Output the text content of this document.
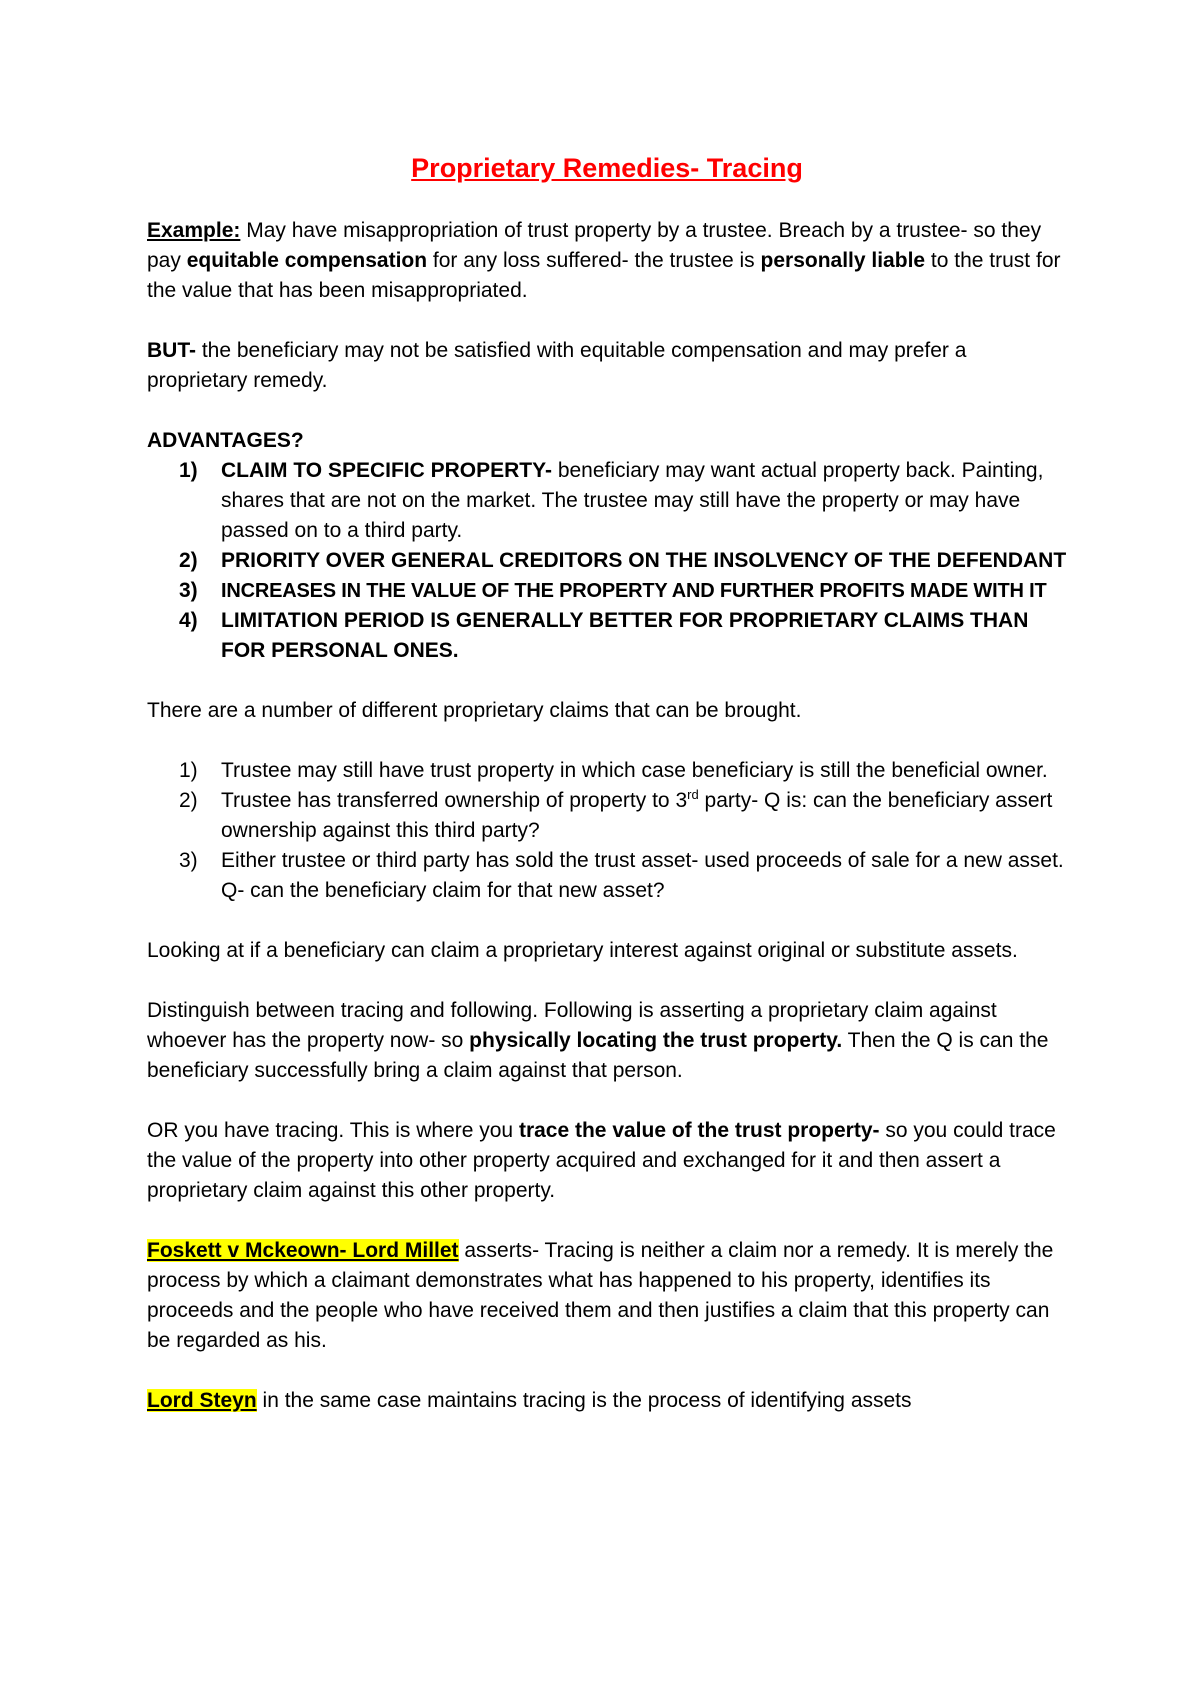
Proprietary Remedies- Tracing

Example: May have misappropriation of trust property by a trustee. Breach by a trustee- so they pay equitable compensation for any loss suffered- the trustee is personally liable to the trust for the value that has been misappropriated.

BUT- the beneficiary may not be satisfied with equitable compensation and may prefer a proprietary remedy.

ADVANTAGES?
1) CLAIM TO SPECIFIC PROPERTY- beneficiary may want actual property back. Painting, shares that are not on the market. The trustee may still have the property or may have passed on to a third party.
2) PRIORITY OVER GENERAL CREDITORS ON THE INSOLVENCY OF THE DEFENDANT
3) INCREASES IN THE VALUE OF THE PROPERTY AND FURTHER PROFITS MADE WITH IT
4) LIMITATION PERIOD IS GENERALLY BETTER FOR PROPRIETARY CLAIMS THAN FOR PERSONAL ONES.

There are a number of different proprietary claims that can be brought.

1) Trustee may still have trust property in which case beneficiary is still the beneficial owner.
2) Trustee has transferred ownership of property to 3rd party- Q is: can the beneficiary assert ownership against this third party?
3) Either trustee or third party has sold the trust asset- used proceeds of sale for a new asset. Q- can the beneficiary claim for that new asset?

Looking at if a beneficiary can claim a proprietary interest against original or substitute assets.

Distinguish between tracing and following. Following is asserting a proprietary claim against whoever has the property now- so physically locating the trust property. Then the Q is can the beneficiary successfully bring a claim against that person.

OR you have tracing. This is where you trace the value of the trust property- so you could trace the value of the property into other property acquired and exchanged for it and then assert a proprietary claim against this other property.

Foskett v Mckeown- Lord Millet asserts- Tracing is neither a claim nor a remedy. It is merely the process by which a claimant demonstrates what has happened to his property, identifies its proceeds and the people who have received them and then justifies a claim that this property can be regarded as his.

Lord Steyn in the same case maintains tracing is the process of identifying assets
